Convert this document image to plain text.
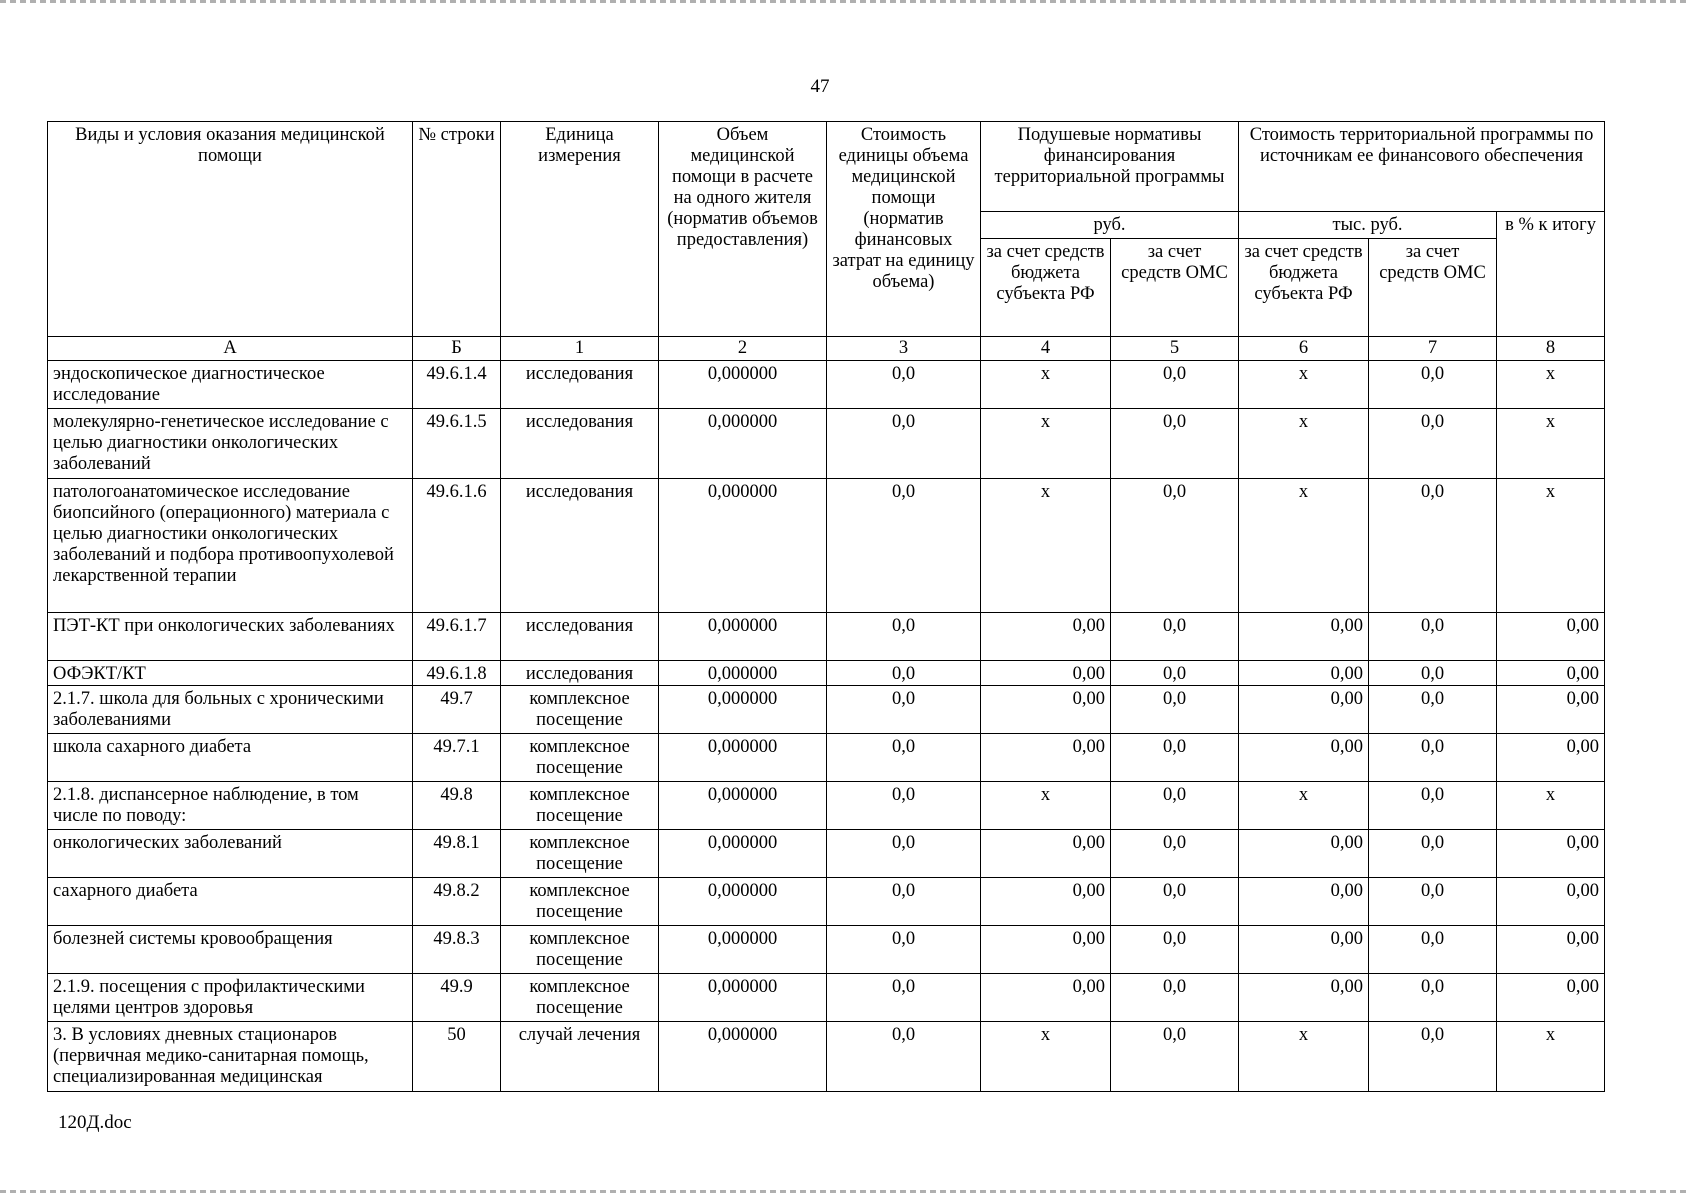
47
Виды и условия оказания медицинской помощи	№ строки	Единица измерения	Объем медицинской помощи в расчете на одного жителя (норматив объемов предоставления)	Стоимость единицы объема медицинской помощи (норматив финансовых затрат на единицу объема)	Подушевые нормативы финансирования территориальной программы		Стоимость территориальной программы по источникам ее финансового обеспечения		
					руб.		тыс. руб.		в % к итогу
					за счет средств бюджета субъекта РФ	за счет средств ОМС	за счет средств бюджета субъекта РФ	за счет средств ОМС	
А	Б	1	2	3	4	5	6	7	8
эндоскопическое диагностическое исследование	49.6.1.4	исследования	0,000000	0,0	x	0,0	x	0,0	x
молекулярно-генетическое исследование с целью диагностики онкологических заболеваний	49.6.1.5	исследования	0,000000	0,0	x	0,0	x	0,0	x
патологоанатомическое исследование биопсийного (операционного) материала с целью диагностики онкологических заболеваний и подбора противоопухолевой лекарственной терапии	49.6.1.6	исследования	0,000000	0,0	x	0,0	x	0,0	x
ПЭТ-КТ при онкологических заболеваниях	49.6.1.7	исследования	0,000000	0,0	0,00	0,0	0,00	0,0	0,00
ОФЭКТ/КТ	49.6.1.8	исследования	0,000000	0,0	0,00	0,0	0,00	0,0	0,00
2.1.7. школа для больных с хроническими заболеваниями	49.7	комплексное посещение	0,000000	0,0	0,00	0,0	0,00	0,0	0,00
школа сахарного диабета	49.7.1	комплексное посещение	0,000000	0,0	0,00	0,0	0,00	0,0	0,00
2.1.8. диспансерное наблюдение, в том числе по поводу:	49.8	комплексное посещение	0,000000	0,0	x	0,0	x	0,0	x
онкологических заболеваний	49.8.1	комплексное посещение	0,000000	0,0	0,00	0,0	0,00	0,0	0,00
сахарного диабета	49.8.2	комплексное посещение	0,000000	0,0	0,00	0,0	0,00	0,0	0,00
болезней системы кровообращения	49.8.3	комплексное посещение	0,000000	0,0	0,00	0,0	0,00	0,0	0,00
2.1.9. посещения с профилактическими целями центров здоровья	49.9	комплексное посещение	0,000000	0,0	0,00	0,0	0,00	0,0	0,00
3. В условиях дневных стационаров (первичная медико-санитарная помощь, специализированная медицинская	50	случай лечения	0,000000	0,0	x	0,0	x	0,0	x
120Д.doc
